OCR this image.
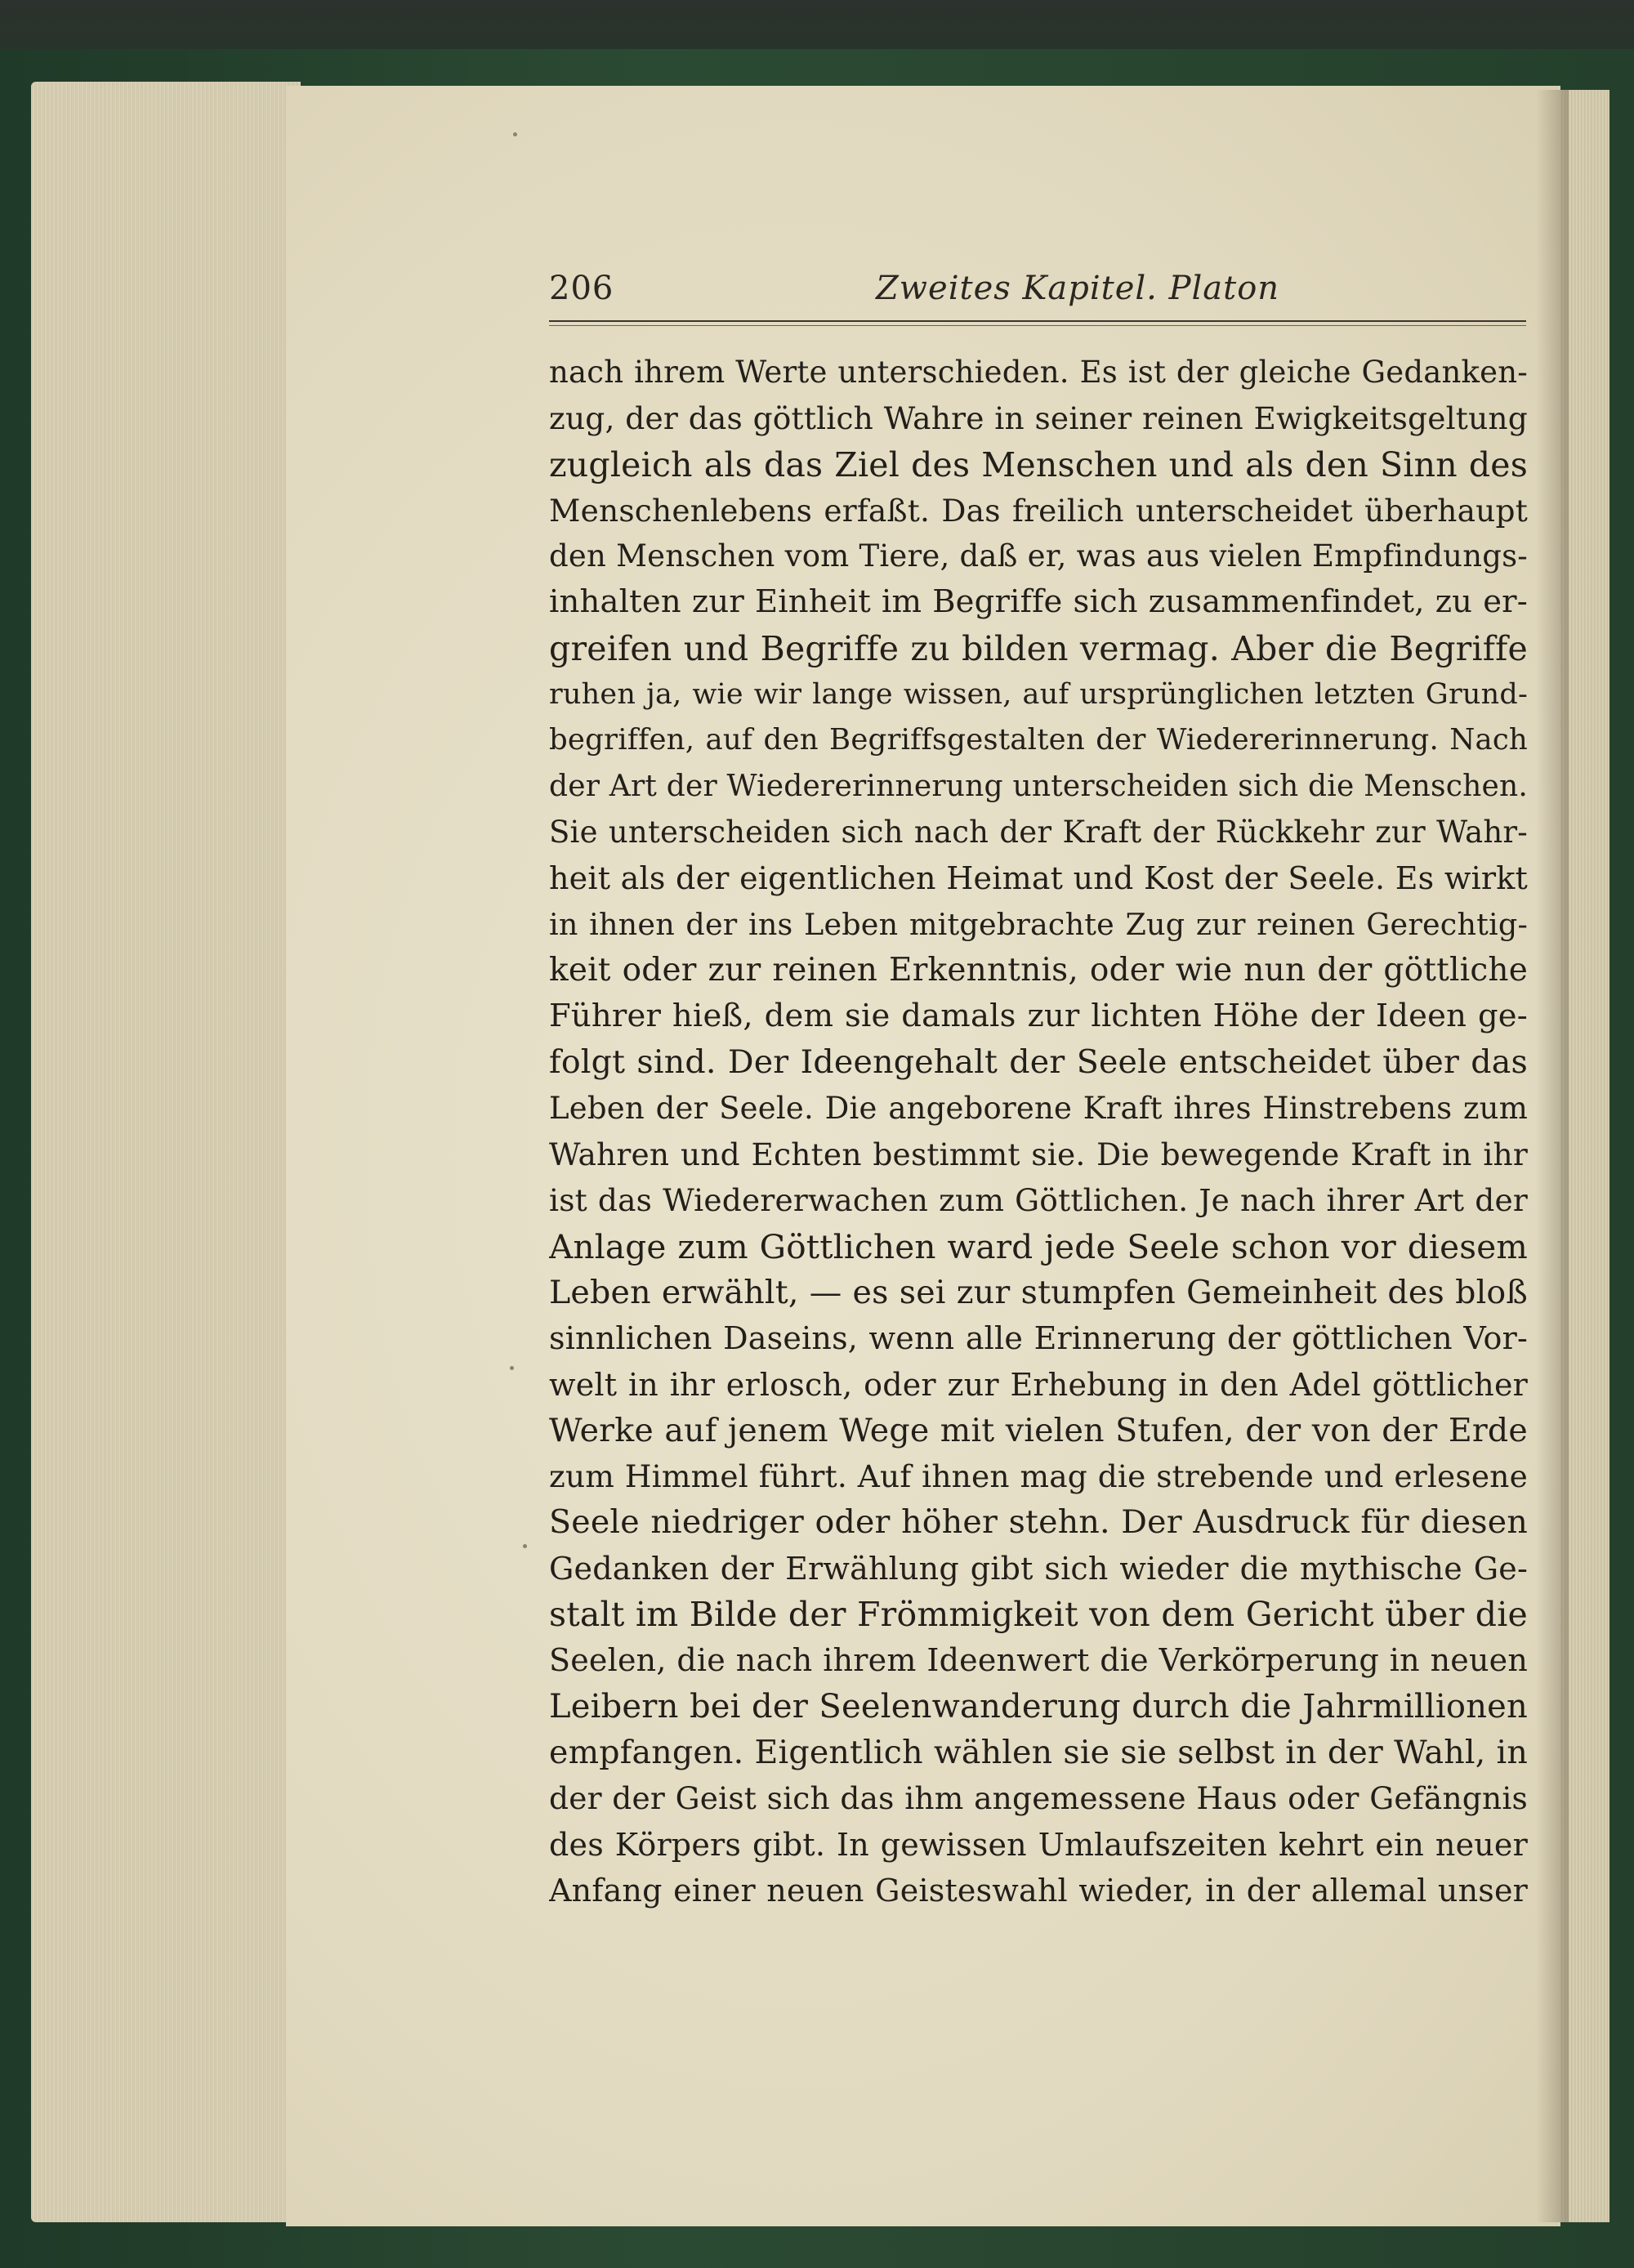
206	Zweites Kapitel. Platon
nach ihrem Werte unterschieden. Es ist der gleiche Gedanken-
zug, der das göttlich Wahre in seiner reinen Ewigkeitsgeltung
zugleich als das Ziel des Menschen und als den Sinn des
Menschenlebens erfaßt. Das freilich unterscheidet überhaupt
den Menschen vom Tiere, daß er, was aus vielen Empfindungs-
inhalten zur Einheit im Begriffe sich zusammenfindet, zu er-
greifen und Begriffe zu bilden vermag. Aber die Begriffe
ruhen ja, wie wir lange wissen, auf ursprünglichen letzten Grund-
begriffen, auf den Begriffsgestalten der Wiedererinnerung. Nach
der Art der Wiedererinnerung unterscheiden sich die Menschen.
Sie unterscheiden sich nach der Kraft der Rückkehr zur Wahr-
heit als der eigentlichen Heimat und Kost der Seele. Es wirkt
in ihnen der ins Leben mitgebrachte Zug zur reinen Gerechtig-
keit oder zur reinen Erkenntnis, oder wie nun der göttliche
Führer hieß, dem sie damals zur lichten Höhe der Ideen ge-
folgt sind. Der Ideengehalt der Seele entscheidet über das
Leben der Seele. Die angeborene Kraft ihres Hinstrebens zum
Wahren und Echten bestimmt sie. Die bewegende Kraft in ihr
ist das Wiedererwachen zum Göttlichen. Je nach ihrer Art der
Anlage zum Göttlichen ward jede Seele schon vor diesem
Leben erwählt, — es sei zur stumpfen Gemeinheit des bloß
sinnlichen Daseins, wenn alle Erinnerung der göttlichen Vor-
welt in ihr erlosch, oder zur Erhebung in den Adel göttlicher
Werke auf jenem Wege mit vielen Stufen, der von der Erde
zum Himmel führt. Auf ihnen mag die strebende und erlesene
Seele niedriger oder höher stehn. Der Ausdruck für diesen
Gedanken der Erwählung gibt sich wieder die mythische Ge-
stalt im Bilde der Frömmigkeit von dem Gericht über die
Seelen, die nach ihrem Ideenwert die Verkörperung in neuen
Leibern bei der Seelenwanderung durch die Jahrmillionen
empfangen. Eigentlich wählen sie sie selbst in der Wahl, in
der der Geist sich das ihm angemessene Haus oder Gefängnis
des Körpers gibt. In gewissen Umlaufszeiten kehrt ein neuer
Anfang einer neuen Geisteswahl wieder, in der allemal unser
